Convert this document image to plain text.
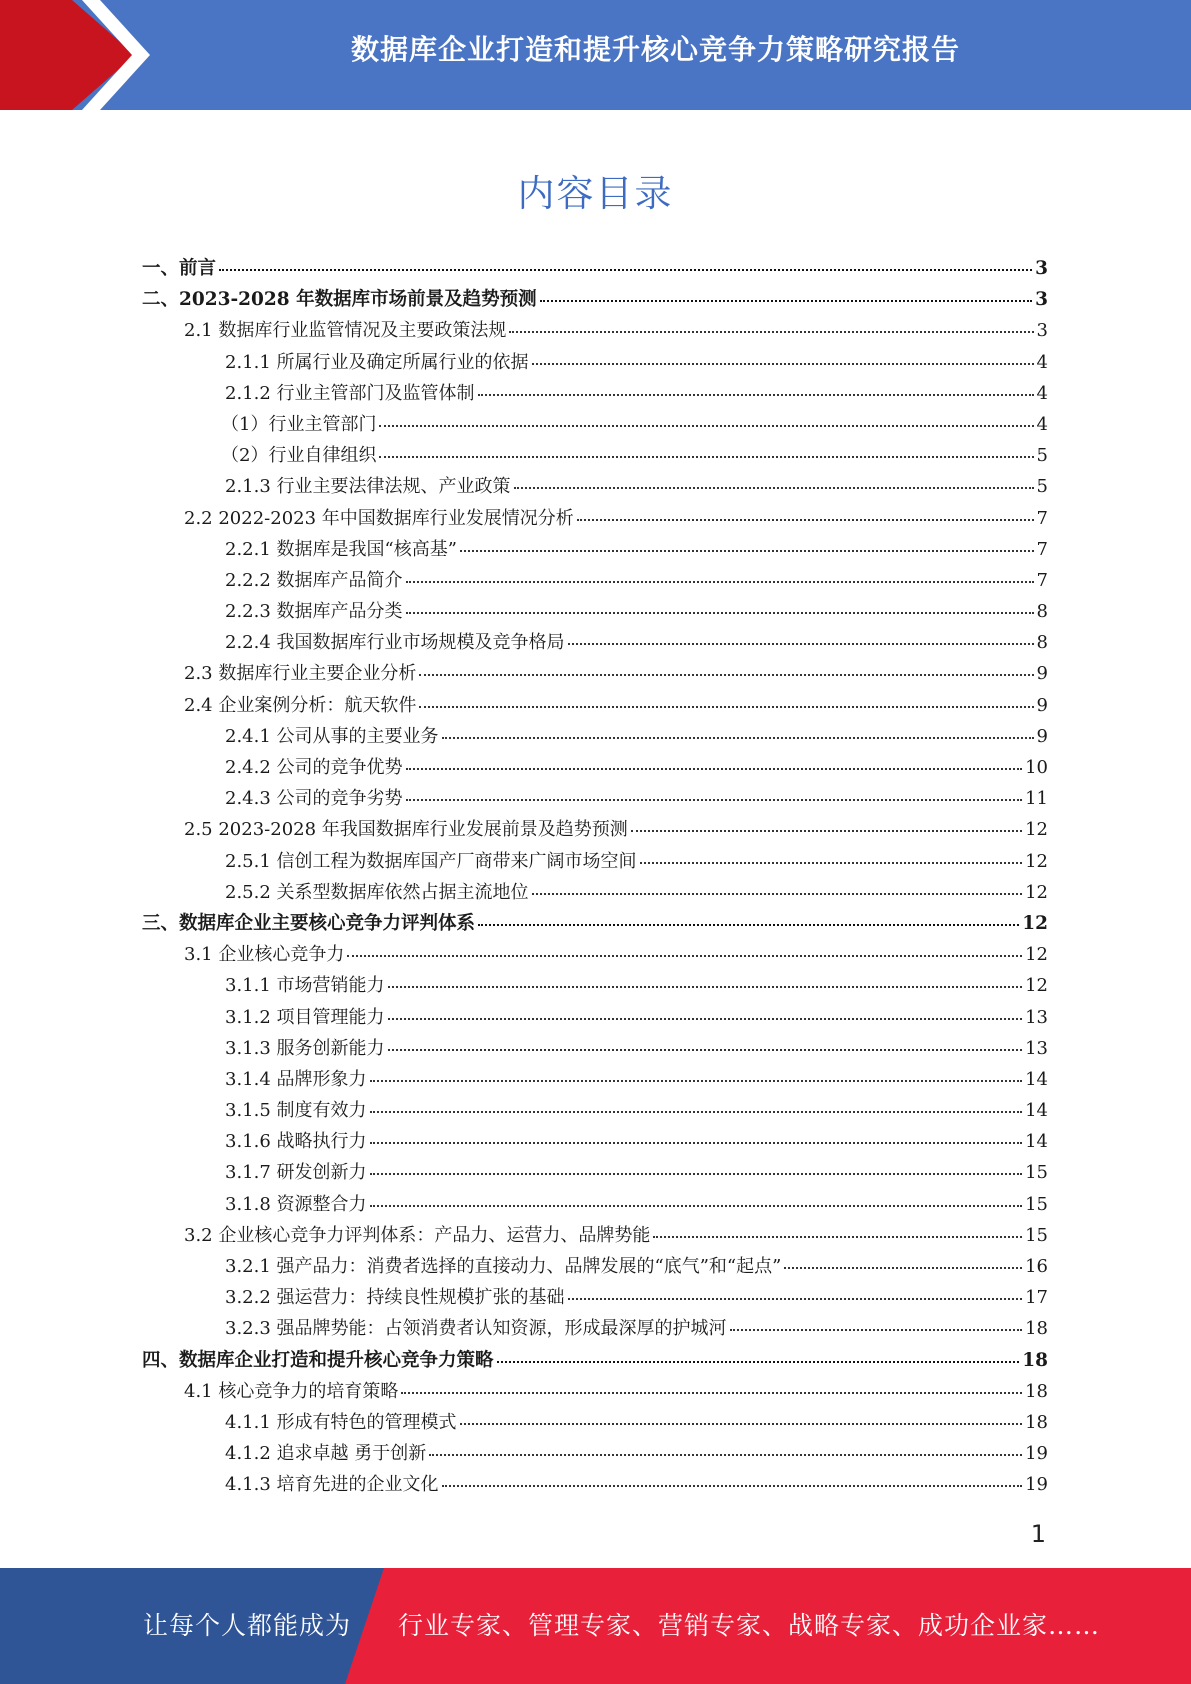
数据库企业打造和提升核心竞争力策略研究报告
内容目录
一、前言	3
二、2023-2028 年数据库市场前景及趋势预测	3
2.1 数据库行业监管情况及主要政策法规	3
2.1.1 所属行业及确定所属行业的依据	4
2.1.2 行业主管部门及监管体制	4
（1）行业主管部门	4
（2）行业自律组织	5
2.1.3 行业主要法律法规、产业政策	5
2.2 2022-2023 年中国数据库行业发展情况分析	7
2.2.1 数据库是我国“核高基”	7
2.2.2 数据库产品简介	7
2.2.3 数据库产品分类	8
2.2.4 我国数据库行业市场规模及竞争格局	8
2.3 数据库行业主要企业分析	9
2.4 企业案例分析：航天软件	9
2.4.1 公司从事的主要业务	9
2.4.2 公司的竞争优势	10
2.4.3 公司的竞争劣势	11
2.5 2023-2028 年我国数据库行业发展前景及趋势预测	12
2.5.1 信创工程为数据库国产厂商带来广阔市场空间	12
2.5.2 关系型数据库依然占据主流地位	12
三、数据库企业主要核心竞争力评判体系	12
3.1 企业核心竞争力	12
3.1.1 市场营销能力	12
3.1.2 项目管理能力	13
3.1.3 服务创新能力	13
3.1.4 品牌形象力	14
3.1.5 制度有效力	14
3.1.6 战略执行力	14
3.1.7 研发创新力	15
3.1.8 资源整合力	15
3.2 企业核心竞争力评判体系：产品力、运营力、品牌势能	15
3.2.1 强产品力：消费者选择的直接动力、品牌发展的“底气”和“起点”	16
3.2.2 强运营力：持续良性规模扩张的基础	17
3.2.3 强品牌势能：占领消费者认知资源，形成最深厚的护城河	18
四、数据库企业打造和提升核心竞争力策略	18
4.1 核心竞争力的培育策略	18
4.1.1 形成有特色的管理模式	18
4.1.2 追求卓越 勇于创新	19
4.1.3 培育先进的企业文化	19
1
让每个人都能成为 行业专家、管理专家、营销专家、战略专家、成功企业家……
